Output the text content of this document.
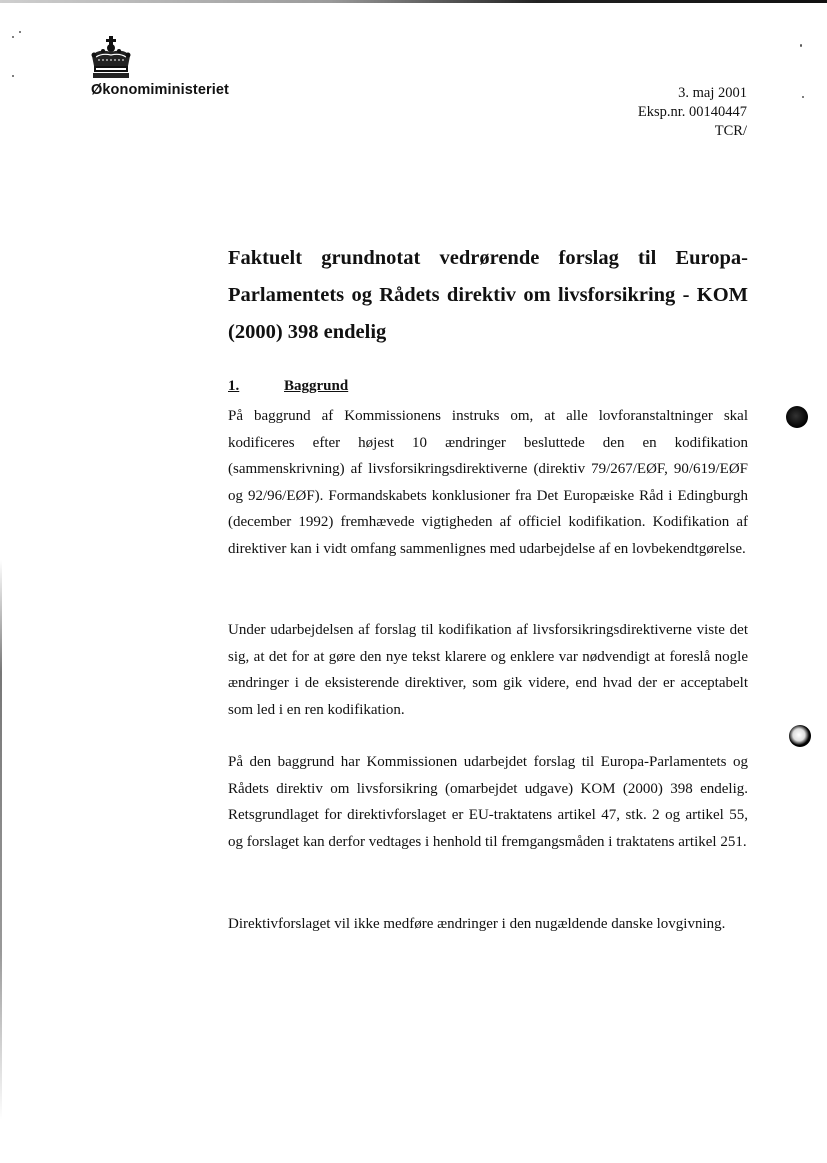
Økonomiministeriet	3. maj 2001
Eksp.nr. 00140447
TCR/
Faktuelt grundnotat vedrørende forslag til Europa-Parlamentets og Rådets direktiv om livsforsikring - KOM (2000) 398 endelig
1.	Baggrund
På baggrund af Kommissionens instruks om, at alle lovforanstaltninger skal kodificeres efter højest 10 ændringer besluttede den en kodifikation (sammenskrivning) af livsforsikringsdirektiverne (direktiv 79/267/EØF, 90/619/EØF og 92/96/EØF). Formandskabets konklusioner fra Det Europæiske Råd i Edingburgh (december 1992) fremhævede vigtigheden af officiel kodifikation. Kodifikation af direktiver kan i vidt omfang sammenlignes med udarbejdelse af en lovbekendtgørelse.
Under udarbejdelsen af forslag til kodifikation af livsforsikringsdirektiverne viste det sig, at det for at gøre den nye tekst klarere og enklere var nødvendigt at foreslå nogle ændringer i de eksisterende direktiver, som gik videre, end hvad der er acceptabelt som led i en ren kodifikation.
På den baggrund har Kommissionen udarbejdet forslag til Europa-Parlamentets og Rådets direktiv om livsforsikring (omarbejdet udgave) KOM (2000) 398 endelig. Retsgrundlaget for direktivforslaget er EU-traktatens artikel 47, stk. 2 og artikel 55, og forslaget kan derfor vedtages i henhold til fremgangsmåden i traktatens artikel 251.
Direktivforslaget vil ikke medføre ændringer i den nugældende danske lovgivning.
